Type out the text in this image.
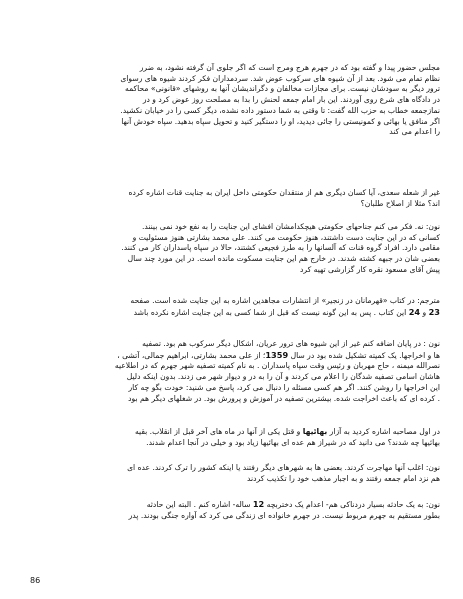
مجلس حضور پیدا و گفته بود که در جهرم هرج ومرج است که اگر جلوی آن گرفته نشود، به ضرر
نظام تمام می شود. بعد از آن شیوه های سرکوب عوض شد. سردمداران فکر کردند شیوه های رسوای
ترور دیگر به سودشان نیست. برای مجازات مخالفان و دگراندیشان آنها به روشهای «قانونی» محاکمه
در دادگاه های شرع روی آوردند. این بار امام جمعه لحنش را بدا به مصلحت روز عوض کرد و در
نمازجمعه خطاب به حزب الله گفت: تا وقتی به شما دستور داده نشده، دیگر کسی را در خیابان نکشید.
اگر منافق یا بهائی و کمونیستی را جائی دیدید، او را دستگیر کنید و تحویل سپاه بدهید. سپاه خودش آنها
را اعدام می کند
غیر از شعله سعدی، آیا کسان دیگری هم از منتقدان حکومتی داخل ایران به جنایت قنات اشاره کرده
اند؟ مثلا از اصلاح طلبان؟
نون: نه. فکر می کنم جناحهای حکومتی هیچکدامشان افشای این جنایت را به نفع خود نمی بینند.
کسانی که در این جنایت دست داشتند، هنوز حکومت می کنند. علی محمد بشارتی هنوز مسئولیت و
مقامی دارد. افراد گروه قنات که آلسانها را به طرز فجیعی کشتند، حالا در سپاه پاسداران کار می کنند.
بعضی شان در جبهه کشته شدند. در خارج هم این جنایت مسکوت مانده است. در این مورد چند سال
پیش آقای مسعود نقره کار گزارشی تهیه کرد
مترجم: در کتاب «قهرمانان در زنجیر» از انتشارات مجاهدین اشاره به این جنایت شده است. صفحه
23 و 24 این کتاب . پس به این گونه نیست که قبل از شما کسی به این جنایت اشاره نکرده باشد
نون : در پایان اضافه کنم غیر از این شیوه های ترور عریان، اشکال دیگر سرکوب هم بود. تصفیه
ها و اخراجها. یک کمیته تشکیل شده بود در سال 1359؛ از علی محمد بشارتی، ابراهیم جمالی، آتشی ،
نصرالله میمنه ، حاج مهربان و رئیس وقت سپاه پاسداران . به نام کمیته تصفیه شهر جهرم که در اطلاعیه
هاشان اسامی تصفیه شدگان را اعلام می کردند و آن را به در و دیوار شهر می زدند. بدون اینکه دلیل
این اخراجها را روشن کنند. اگر هم کسی مسئله را دنبال می کرد، پاسخ می شنید: خودت بگو چه کار
. کرده ای که باعث اخراجت شده. بیشترین تصفیه در آموزش و پرورش بود. در شغلهای دیگر هم بود
در اول مصاحبه اشاره کردید به آزار بهائیها و قتل یکی از آنها در ماه های آخر قبل از انقلاب. بقیه
بهائیها چه شدند؟ می دانید که در شیراز هم عده ای بهائیها زیاد بود و خیلی در آنجا اعدام شدند.
نون: اغلب آنها مهاجرت کردند. بعضی ها به شهرهای دیگر رفتند یا اینکه کشور را ترک کردند. عده ای
هم نزد امام جمعه رفتند و به اجبار مذهب خود را تکذیب کردند
نون: به یک حادثه بسیار دردناکی هم- اعدام یک دختربچه 12 ساله- اشاره کنم . البته این حادثه
بطور مستقیم به جهرم مربوط نیست. در جهرم خانواده ای زندگی می کرد که آواره جنگی بودند. پدر
86
